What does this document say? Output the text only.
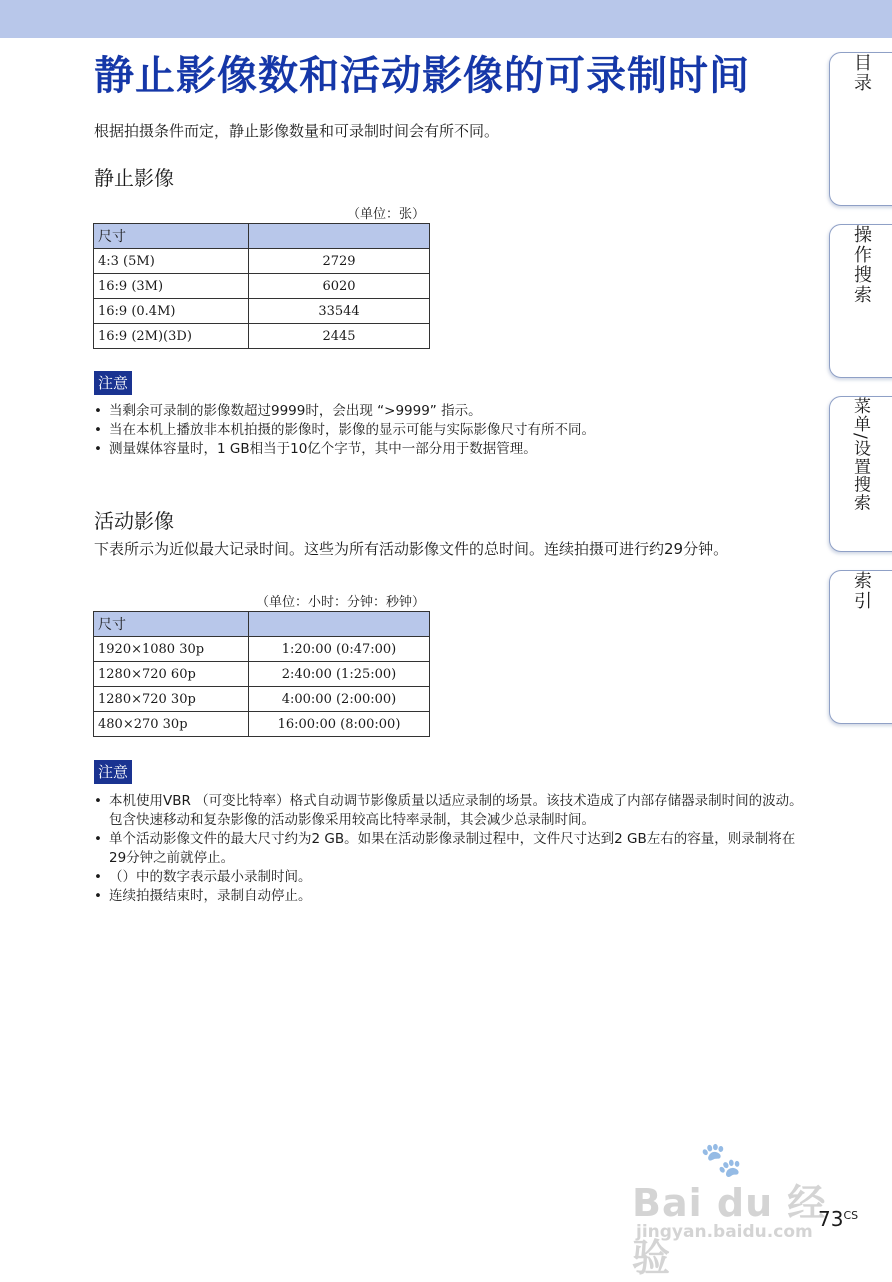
静止影像数和活动影像的可录制时间
根据拍摄条件而定，静止影像数量和可录制时间会有所不同。
静止影像
（单位：张）
尺寸	
4:3 (5M)	2729
16:9 (3M)	6020
16:9 (0.4M)	33544
16:9 (2M)(3D)	2445
注意
• 当剩余可录制的影像数超过9999时，会出现 “>9999” 指示。
• 当在本机上播放非本机拍摄的影像时，影像的显示可能与实际影像尺寸有所不同。
• 测量媒体容量时，1 GB相当于10亿个字节，其中一部分用于数据管理。
活动影像
下表所示为近似最大记录时间。这些为所有活动影像文件的总时间。连续拍摄可进行约29分钟。
（单位：小时：分钟：秒钟）
尺寸	
1920×1080 30p	1:20:00 (0:47:00)
1280×720 60p	2:40:00 (1:25:00)
1280×720 30p	4:00:00 (2:00:00)
480×270 30p	16:00:00 (8:00:00)
注意
• 本机使用VBR （可变比特率）格式自动调节影像质量以适应录制的场景。该技术造成了内部存储器录制时间的波动。
包含快速移动和复杂影像的活动影像采用较高比特率录制，其会减少总录制时间。
• 单个活动影像文件的最大尺寸约为2 GB。如果在活动影像录制过程中，文件尺寸达到2 GB左右的容量，则录制将在29分钟之前就停止。
• （）中的数字表示最小录制时间。
• 连续拍摄结束时，录制自动停止。
目录
操作搜索
菜单/设置搜索
索引
🐾
Bai du 经验
jingyan.baidu.com
$73^{CS}$
